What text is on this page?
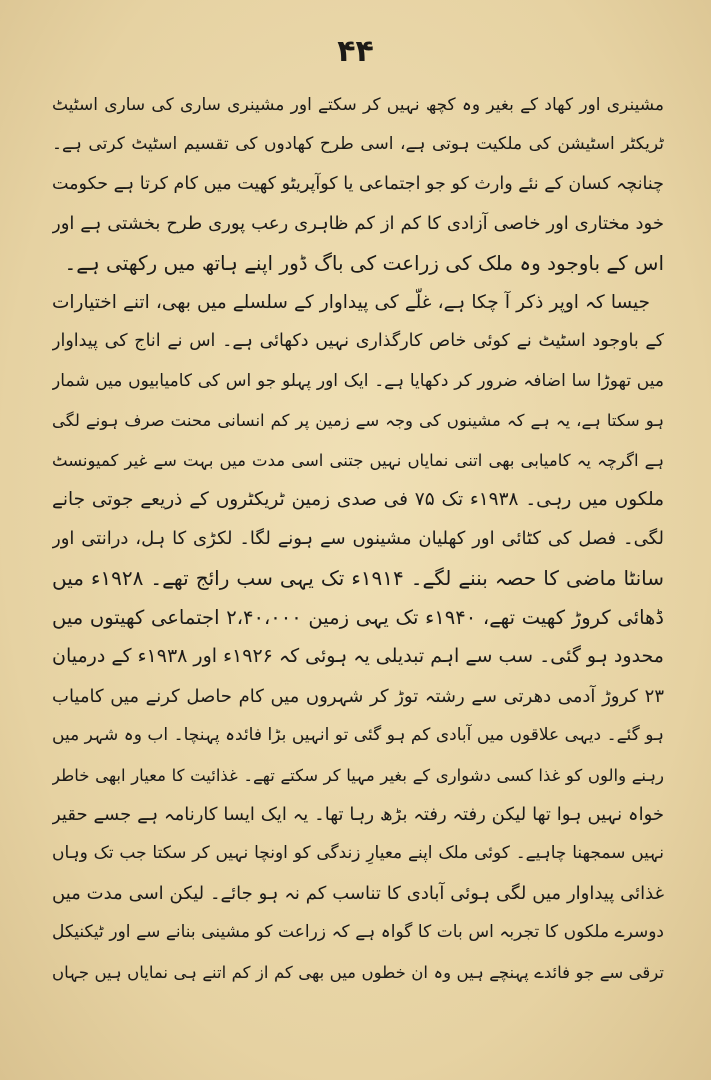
۴۴
مشینری اور کھاد کے بغیر وہ کچھ نہیں کر سکتے اور مشینری ساری کی ساری اسٹیٹ
ٹریکٹر اسٹیشن کی ملکیت ہوتی ہے، اسی طرح کھادوں کی تقسیم اسٹیٹ کرتی ہے۔
چنانچہ کسان کے نئے وارث کو جو اجتماعی یا کوآپریٹو کھیت میں کام کرتا ہے حکومت
خود مختاری اور خاصی آزادی کا کم از کم ظاہری رعب پوری طرح بخشتی ہے اور
اس کے باوجود وہ ملک کی زراعت کی باگ ڈور اپنے ہاتھ میں رکھتی ہے۔
جیسا کہ اوپر ذکر آ چکا ہے، غلّے کی پیداوار کے سلسلے میں بھی، اتنے اختیارات
کے باوجود اسٹیٹ نے کوئی خاص کارگذاری نہیں دکھائی ہے۔ اس نے اناج کی پیداوار
میں تھوڑا سا اضافہ ضرور کر دکھایا ہے۔ ایک اور پہلو جو اس کی کامیابیوں میں شمار
ہو سکتا ہے، یہ ہے کہ مشینوں کی وجہ سے زمین پر کم انسانی محنت صرف ہونے لگی
ہے اگرچہ یہ کامیابی بھی اتنی نمایاں نہیں جتنی اسی مدت میں بہت سے غیر کمیونسٹ
ملکوں میں رہی۔ ۱۹۳۸ء تک ۷۵ فی صدی زمین ٹریکٹروں کے ذریعے جوتی جانے
لگی۔ فصل کی کٹائی اور کھلیان مشینوں سے ہونے لگا۔ لکڑی کا ہل، درانتی اور
سانٹا ماضی کا حصہ بننے لگے۔ ۱۹۱۴ء تک یہی سب رائج تھے۔ ۱۹۲۸ء میں
ڈھائی کروڑ کھیت تھے، ۱۹۴۰ء تک یہی زمین ۲،۴۰،۰۰۰ اجتماعی کھیتوں میں
محدود ہو گئی۔ سب سے اہم تبدیلی یہ ہوئی کہ ۱۹۲۶ء اور ۱۹۳۸ء کے درمیان
۲۳ کروڑ آدمی دھرتی سے رشتہ توڑ کر شہروں میں کام حاصل کرنے میں کامیاب
ہو گئے۔ دیہی علاقوں میں آبادی کم ہو گئی تو انہیں بڑا فائدہ پہنچا۔ اب وہ شہر میں
رہنے والوں کو غذا کسی دشواری کے بغیر مہیا کر سکتے تھے۔ غذائیت کا معیار ابھی خاطر
خواہ نہیں ہوا تھا لیکن رفتہ رفتہ بڑھ رہا تھا۔ یہ ایک ایسا کارنامہ ہے جسے حقیر
نہیں سمجھنا چاہیے۔ کوئی ملک اپنے معیارِ زندگی کو اونچا نہیں کر سکتا جب تک وہاں
غذائی پیداوار میں لگی ہوئی آبادی کا تناسب کم نہ ہو جائے۔ لیکن اسی مدت میں
دوسرے ملکوں کا تجربہ اس بات کا گواہ ہے کہ زراعت کو مشینی بنانے سے اور ٹیکنیکل
ترقی سے جو فائدے پہنچے ہیں وہ ان خطوں میں بھی کم از کم اتنے ہی نمایاں ہیں جہاں
